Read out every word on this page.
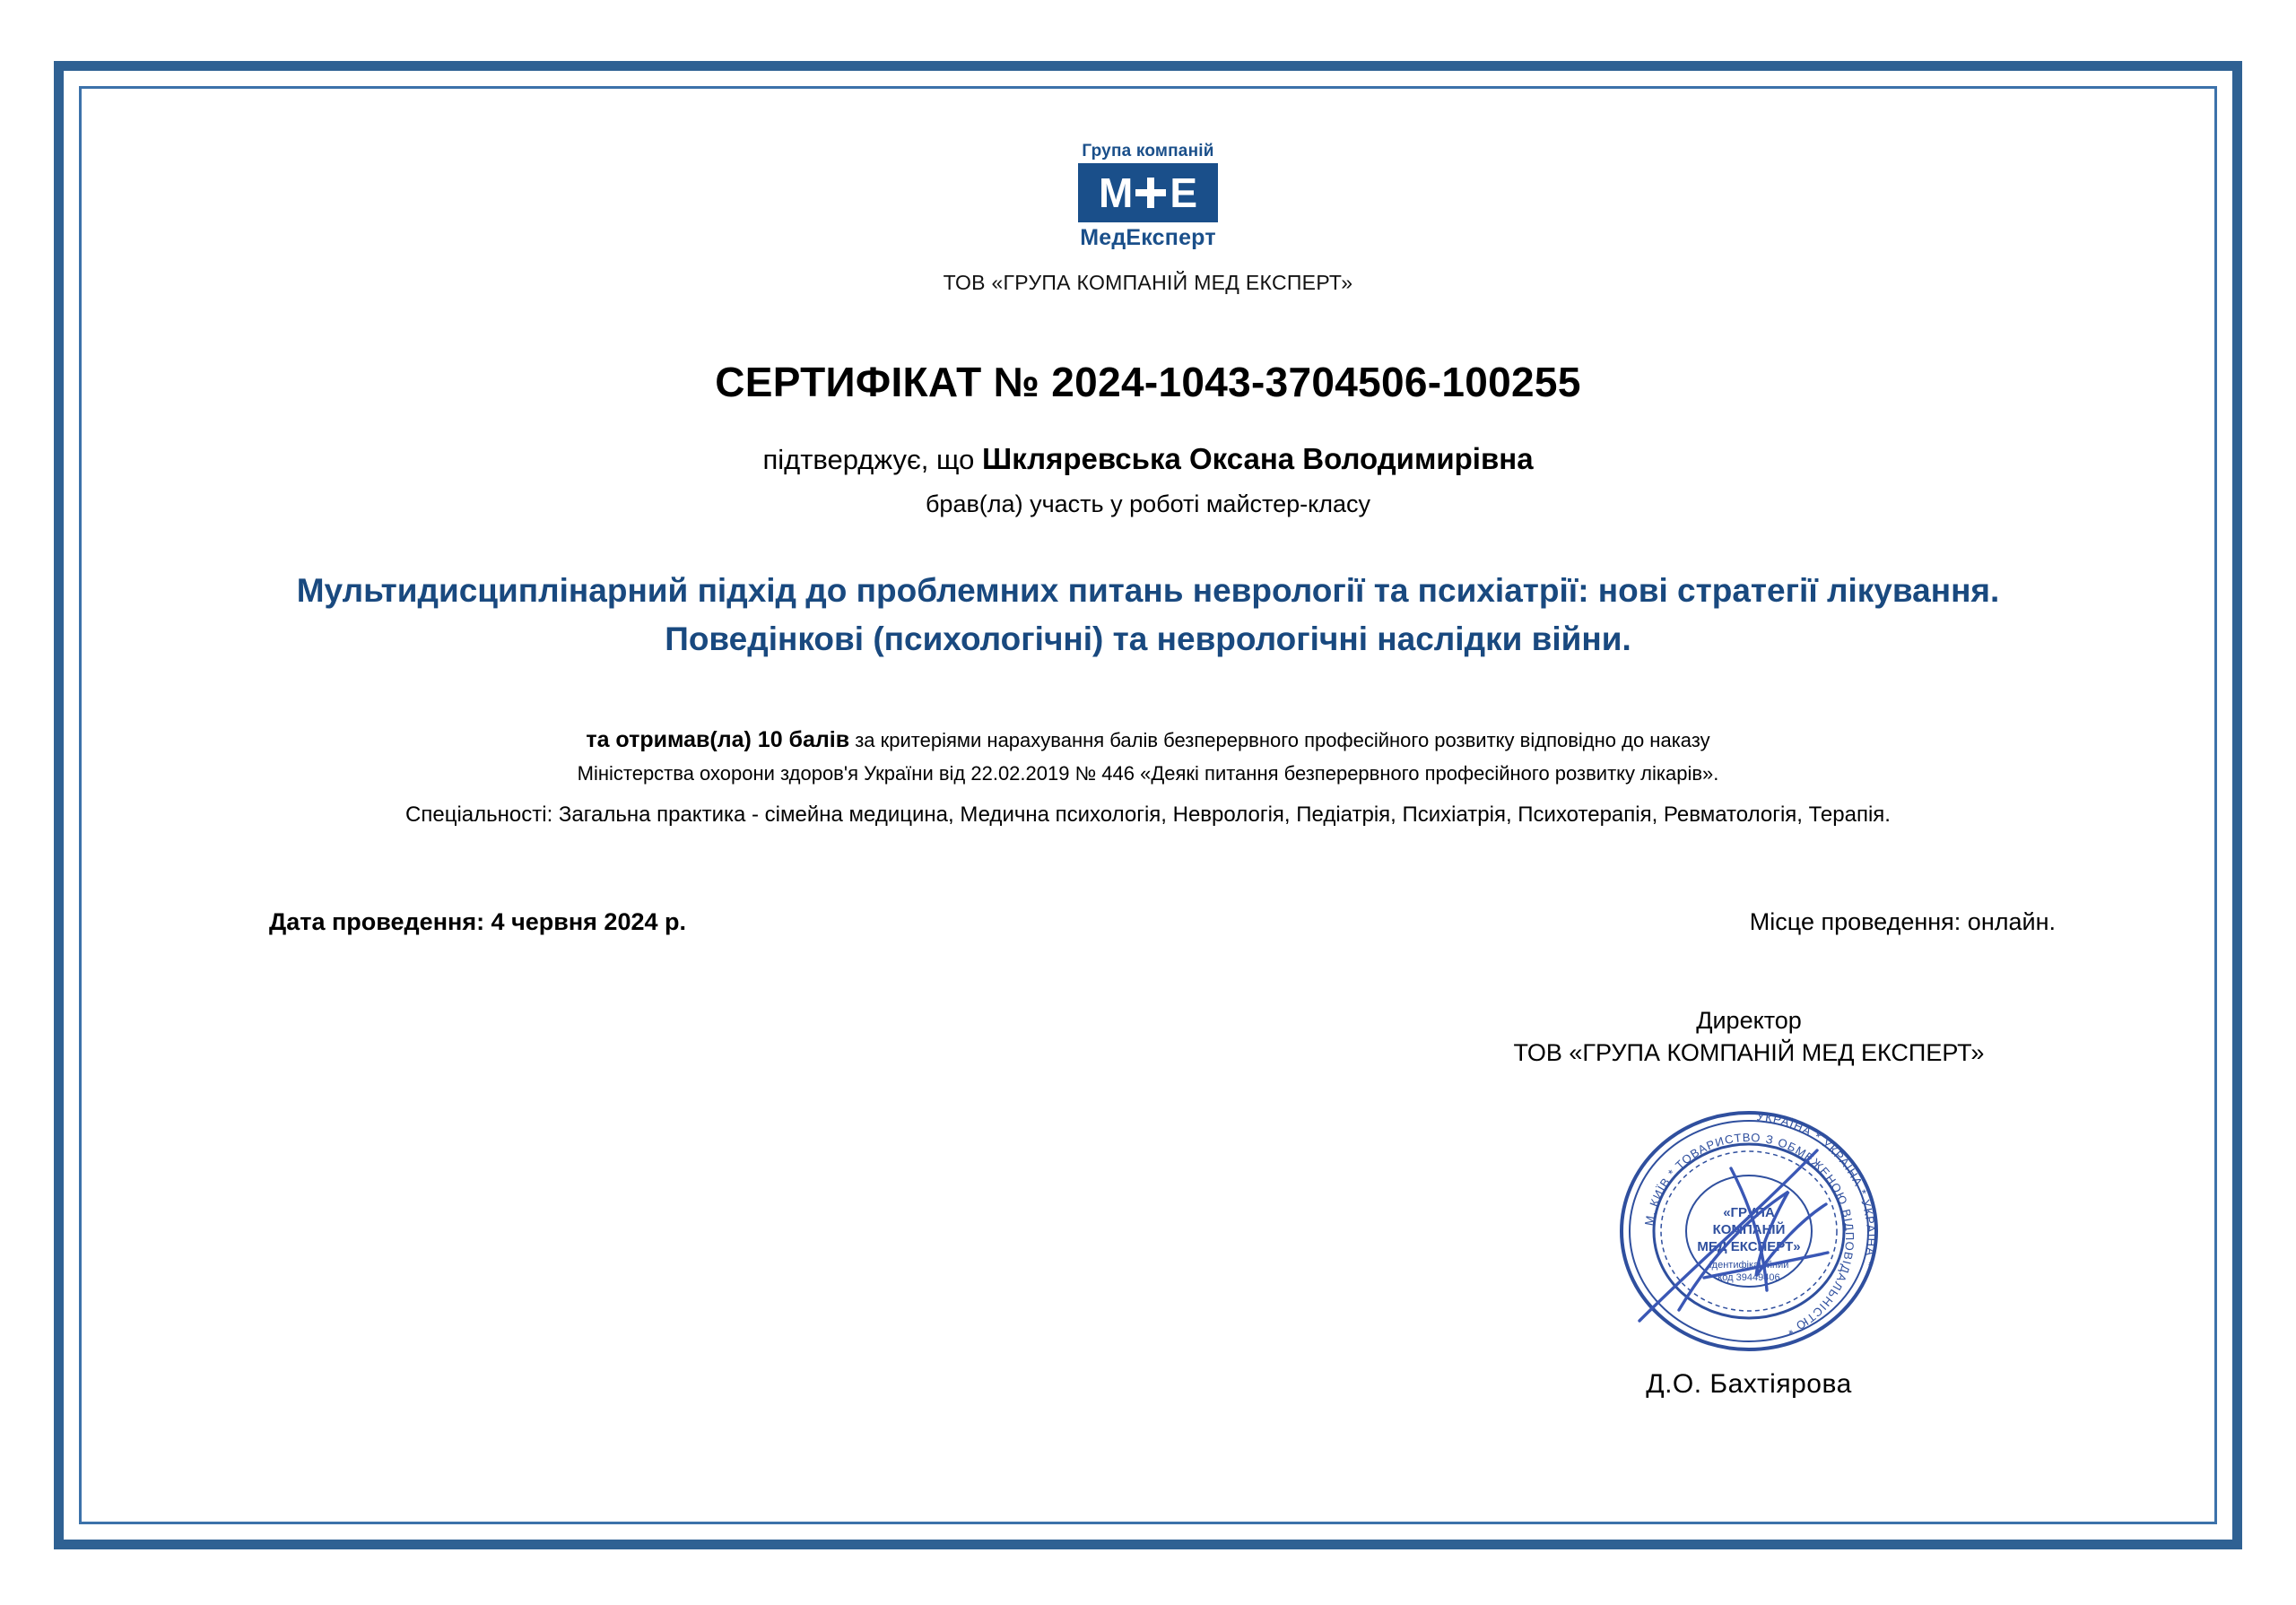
Група компаній
М Е
МедЕксперт
ТОВ «ГРУПА КОМПАНІЙ МЕД ЕКСПЕРТ»
СЕРТИФІКАТ № 2024-1043-3704506-100255
підтверджує, що Шкляревська Оксана Володимирівна
брав(ла) участь у роботі майстер-класу
Мультидисциплінарний підхід до проблемних питань неврології та психіатрії: нові стратегії лікування. Поведінкові (психологічні) та неврологічні наслідки війни.
та отримав(ла) 10 балів за критеріями нарахування балів безперервного професійного розвитку відповідно до наказу
Міністерства охорони здоров'я України від 22.02.2019 № 446 «Деякі питання безперервного професійного розвитку лікарів».
Спеціальності: Загальна практика - сімейна медицина, Медична психологія, Неврологія, Педіатрія, Психіатрія, Психотерапія, Ревматологія, Терапія.
Дата проведення: 4 червня 2024 р.	Місце проведення: онлайн.
Директор
ТОВ «ГРУПА КОМПАНІЙ МЕД ЕКСПЕРТ»
УКРАЇНА * УКРАЇНА * УКРАЇНА *
М. КИЇВ * ТОВАРИСТВО З ОБМЕЖЕНОЮ ВІДПОВІДАЛЬНІСТЮ *
«ГРУПА
КОМПАНІЙ
МЕД ЕКСПЕРТ»
Ідентифікаційний
код 39449406
Д.О. Бахтіярова
